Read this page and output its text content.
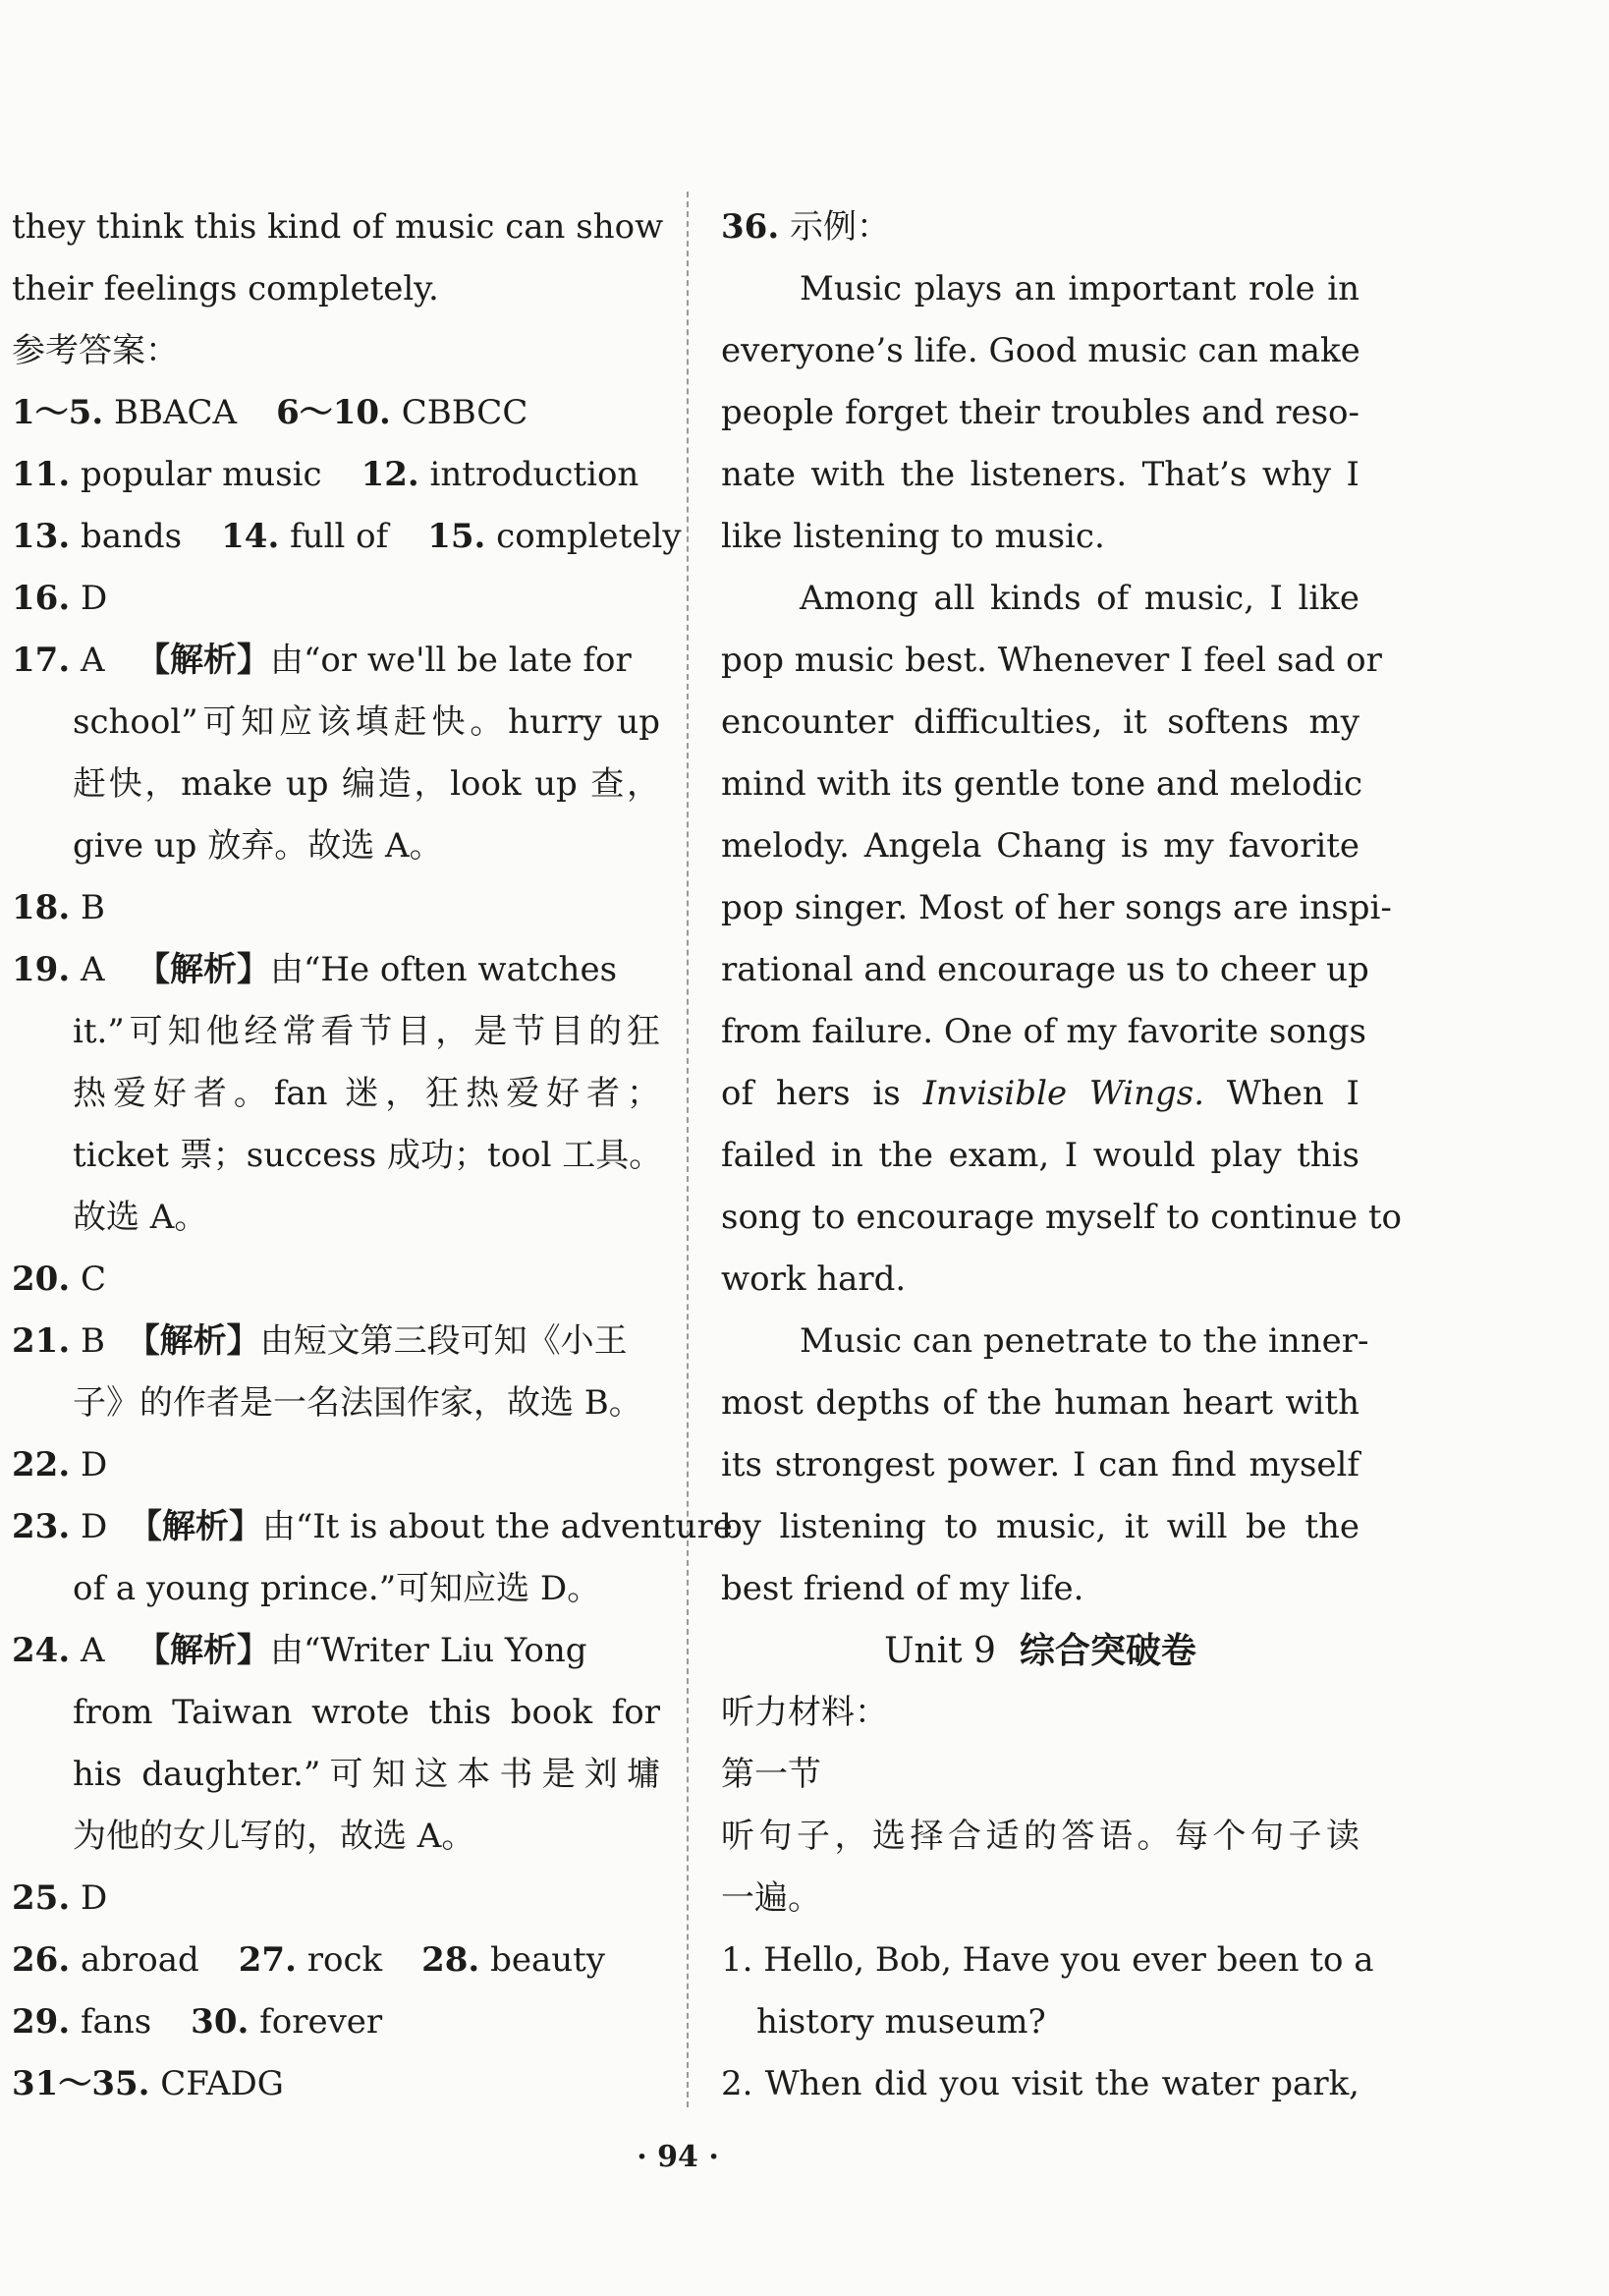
they think this kind of music can show
their feelings completely.
参考答案：
1～5. BBACA 6～10. CBBCC
11. popular music 12. introduction
13. bands 14. full of 15. completely
16. D
17. A 【解析】由“or we'll be late for
school”可知应该填赶快。hurry up
赶快，make up 编造，look up 查，
give up 放弃。故选 A。
18. B
19. A 【解析】由“He often watches
it.”可知他经常看节目，是节目的狂
热爱好者。fan 迷，狂热爱好者；
ticket 票；success 成功；tool 工具。
故选 A。
20. C
21. B 【解析】由短文第三段可知《小王
子》的作者是一名法国作家，故选 B。
22. D
23. D 【解析】由“It is about the adventure
of a young prince.”可知应选 D。
24. A 【解析】由“Writer Liu Yong
from Taiwan wrote this book for
his daughter.”可知这本书是刘墉
为他的女儿写的，故选 A。
25. D
26. abroad 27. rock 28. beauty
29. fans 30. forever
31～35. CFADG
36. 示例：
Music plays an important role in
everyone’s life. Good music can make
people forget their troubles and reso-
nate with the listeners. That’s why I
like listening to music.
Among all kinds of music, I like
pop music best. Whenever I feel sad or
encounter difficulties, it softens my
mind with its gentle tone and melodic
melody. Angela Chang is my favorite
pop singer. Most of her songs are inspi-
rational and encourage us to cheer up
from failure. One of my favorite songs
of hers is Invisible Wings. When I
failed in the exam, I would play this
song to encourage myself to continue to
work hard.
Music can penetrate to the inner-
most depths of the human heart with
its strongest power. I can find myself
by listening to music, it will be the
best friend of my life.
Unit 9 综合突破卷
听力材料：
第一节
听句子，选择合适的答语。每个句子读
一遍。
1. Hello, Bob, Have you ever been to a
history museum?
2. When did you visit the water park,
· 94 ·
